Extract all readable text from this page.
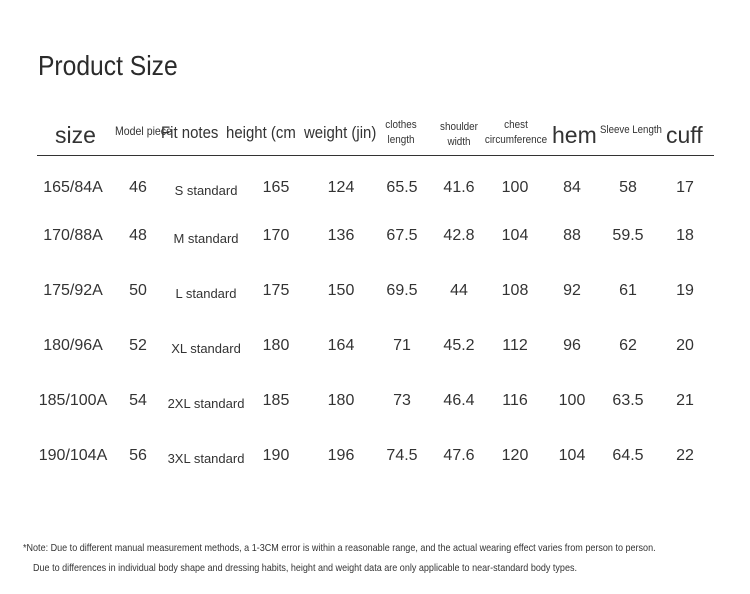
Product Size
size Model piece
Fit notes height (cm weight (jin) clothes
length
shoulder
width
chest
circumference hem Sleeve Length cuff
165/84A 46 S standard 165 124 65.5 41.6 100 84 58 17
170/88A 48 M standard 170 136 67.5 42.8 104 88 59.5 18
175/92A 50 L standard 175 150 69.5 44 108 92 61 19
180/96A 52 XL standard 180 164 71 45.2 112 96 62 20
185/100A 54 2XL standard 185 180 73 46.4 116 100 63.5 21
190/104A 56 3XL standard 190 196 74.5 47.6 120 104 64.5 22
*Note: Due to different manual measurement methods, a 1-3CM error is within a reasonable range, and the actual wearing effect varies from person to person.
Due to differences in individual body shape and dressing habits, height and weight data are only applicable to near-standard body types.
